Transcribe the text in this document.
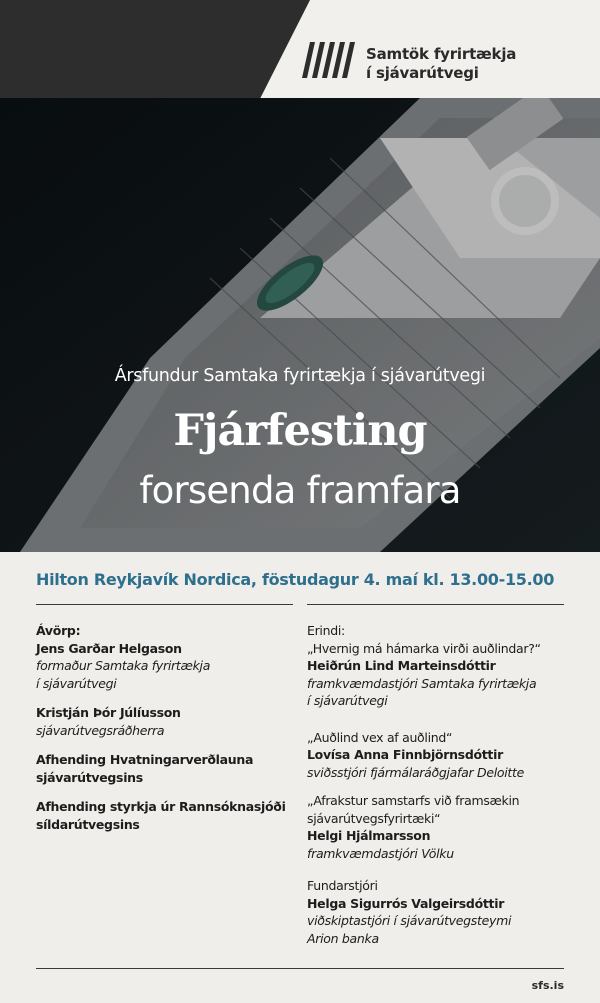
Samtök fyrirtækja
í sjávarútvegi
Ársfundur Samtaka fyrirtækja í sjávarútvegi
Fjárfesting
forsenda framfara
Hilton Reykjavík Nordica, föstudagur 4. maí kl. 13.00-15.00
Ávörp:
Jens Garðar Helgason
formaður Samtaka fyrirtækja
í sjávarútvegi
Kristján Þór Júlíusson
sjávarútvegsráðherra
Afhending Hvatningarverðlauna
sjávarútvegsins
Afhending styrkja úr Rannsóknasjóði
síldarútvegsins
Erindi:
„Hvernig má hámarka virði auðlindar?“
Heiðrún Lind Marteinsdóttir
framkvæmdastjóri Samtaka fyrirtækja
í sjávarútvegi
„Auðlind vex af auðlind“
Lovísa Anna Finnbjörnsdóttir
sviðsstjóri fjármálaráðgjafar Deloitte
„Afrakstur samstarfs við framsækin
sjávarútvegsfyrirtæki“
Helgi Hjálmarsson
framkvæmdastjóri Völku
Fundarstjóri
Helga Sigurrós Valgeirsdóttir
viðskiptastjóri í sjávarútvegsteymi
Arion banka
sfs.is
